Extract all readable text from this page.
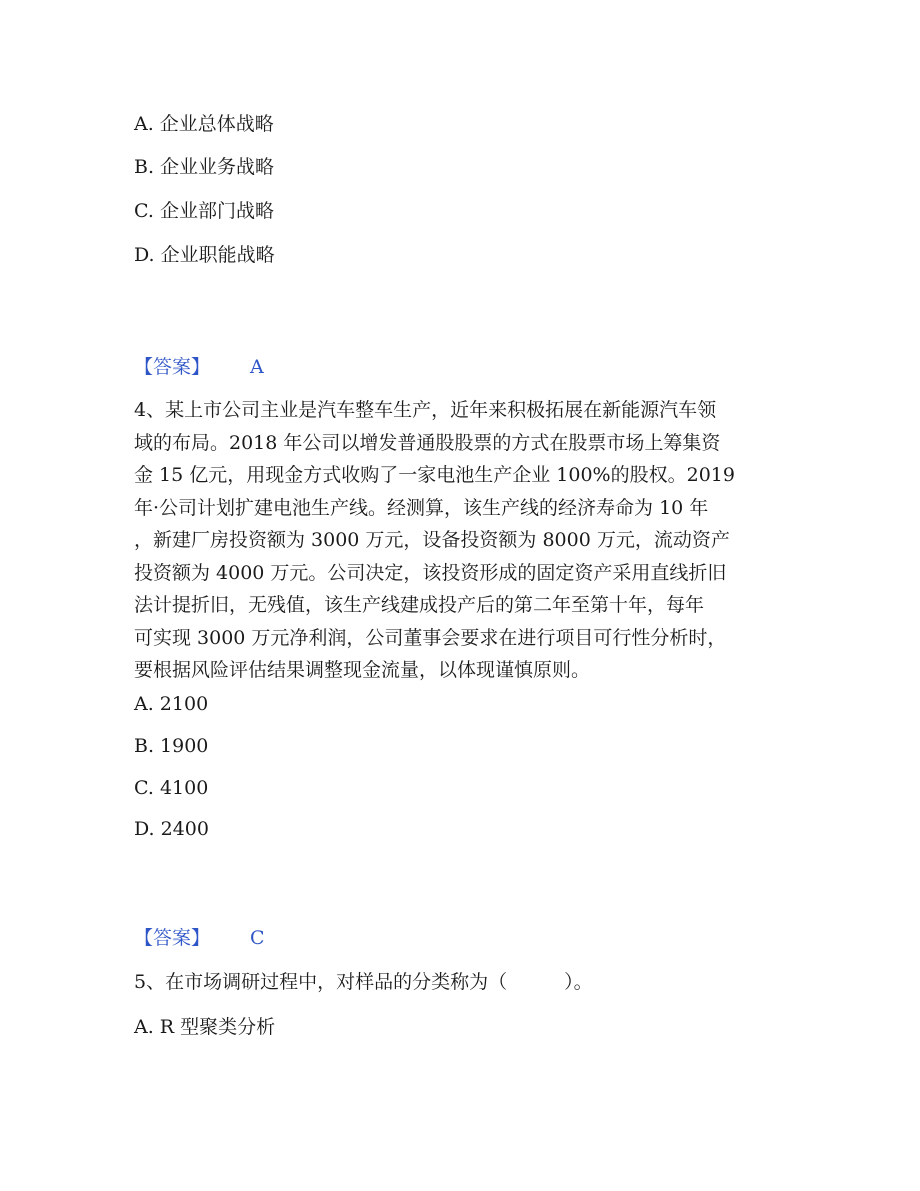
A. 企业总体战略
B. 企业业务战略
C. 企业部门战略
D. 企业职能战略
【答案】 A
4、某上市公司主业是汽车整车生产，近年来积极拓展在新能源汽车领
域的布局。2018 年公司以增发普通股股票的方式在股票市场上筹集资
金 15 亿元，用现金方式收购了一家电池生产企业 100%的股权。2019
年·公司计划扩建电池生产线。经测算，该生产线的经济寿命为 10 年
，新建厂房投资额为 3000 万元，设备投资额为 8000 万元，流动资产
投资额为 4000 万元。公司决定，该投资形成的固定资产采用直线折旧
法计提折旧，无残值，该生产线建成投产后的第二年至第十年，每年
可实现 3000 万元净利润，公司董事会要求在进行项目可行性分析时，
要根据风险评估结果调整现金流量，以体现谨慎原则。
A. 2100
B. 1900
C. 4100
D. 2400
【答案】 C
5、在市场调研过程中，对样品的分类称为（　　　）。
A. R 型聚类分析
